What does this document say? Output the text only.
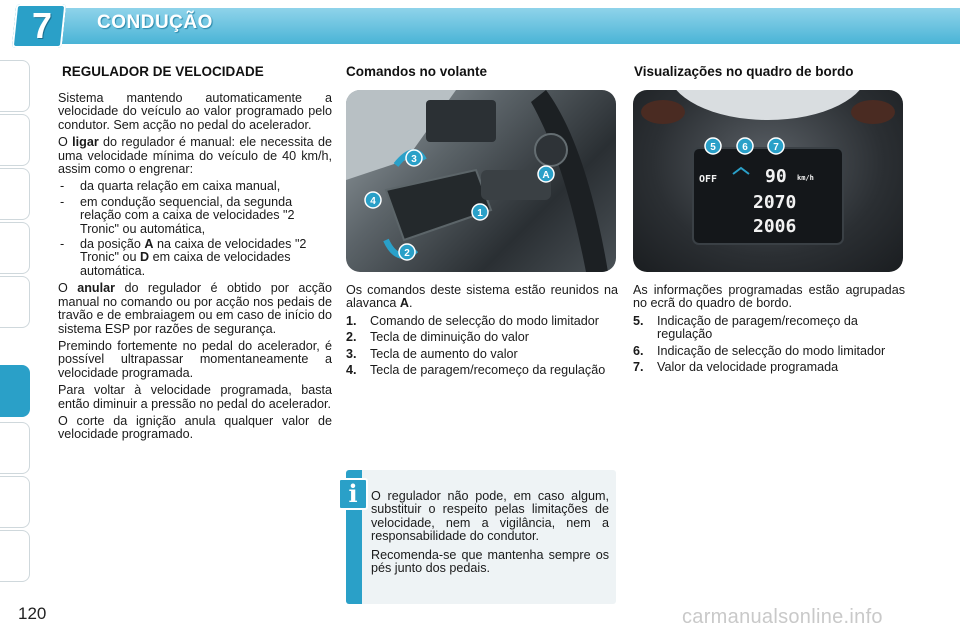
7	CONDUÇÃO
REGULADOR DE VELOCIDADE	Comandos no volante	Visualizações no quadro de bordo

Sistema mantendo automaticamente a velocidade do veículo ao valor programado pelo condutor. Sem acção no pedal do acelerador.

O ligar do regulador é manual: ele necessita de uma velocidade mínima do veículo de 40 km/h, assim como o engrenar:

- da quarta relação em caixa manual,
- em condução sequencial, da segunda relação com a caixa de velocidades "2 Tronic" ou automática,
- da posição A na caixa de velocidades "2 Tronic" ou D em caixa de velocidades automática.

O anular do regulador é obtido por acção manual no comando ou por acção nos pedais de travão e de embraiagem ou em caso de início do sistema ESP por razões de segurança.

Premindo fortemente no pedal do acelerador, é possível ultrapassar momentaneamente a velocidade programada.

Para voltar à velocidade programada, basta então diminuir a pressão no pedal do acelerador.

O corte da ignição anula qualquer valor de velocidade programado.

3
4
1
2
A
5	6	7
OFF	90 km/h
2070
2006

Os comandos deste sistema estão reunidos na alavanca A.

1. Comando de selecção do modo limitador
2. Tecla de diminuição do valor
3. Tecla de aumento do valor
4. Tecla de paragem/recomeço da regulação

As informações programadas estão agrupadas no ecrã do quadro de bordo.

5. Indicação de paragem/recomeço da regulação
6. Indicação de selecção do modo limitador
7. Valor da velocidade programada
i	O regulador não pode, em caso algum, substituir o respeito pelas limitações de velocidade, nem a vigilância, nem a responsabilidade do condutor.

Recomenda-se que mantenha sempre os pés junto dos pedais.

120	carmanualsonline.info
